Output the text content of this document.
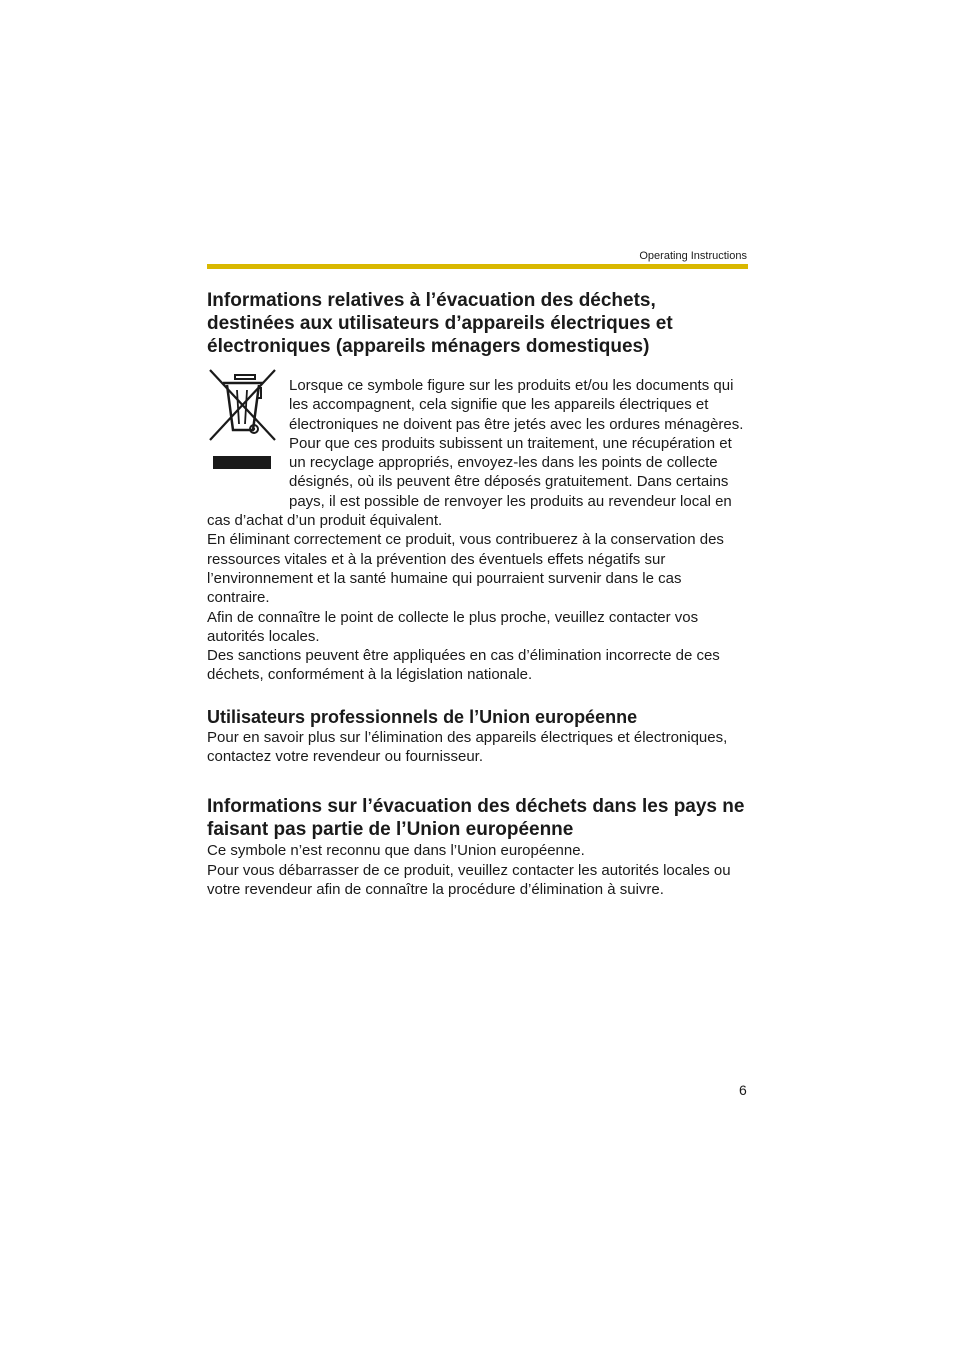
Operating Instructions
Informations relatives à l’évacuation des déchets, destinées aux utilisateurs d’appareils électriques et électroniques (appareils ménagers domestiques)

Lorsque ce symbole figure sur les produits et/ou les documents qui les accompagnent, cela signifie que les appareils électriques et électroniques ne doivent pas être jetés avec les ordures ménagères.

Pour que ces produits subissent un traitement, une récupération et un recyclage appropriés, envoyez-les dans les points de collecte désignés, où ils peuvent être déposés gratuitement. Dans certains pays, il est possible de renvoyer les produits au revendeur local en cas d’achat d’un produit équivalent.

En éliminant correctement ce produit, vous contribuerez à la conservation des ressources vitales et à la prévention des éventuels effets négatifs sur l’environnement et la santé humaine qui pourraient survenir dans le cas contraire.

Afin de connaître le point de collecte le plus proche, veuillez contacter vos autorités locales.

Des sanctions peuvent être appliquées en cas d’élimination incorrecte de ces déchets, conformément à la législation nationale.

Utilisateurs professionnels de l’Union européenne

Pour en savoir plus sur l’élimination des appareils électriques et électroniques, contactez votre revendeur ou fournisseur.

Informations sur l’évacuation des déchets dans les pays ne faisant pas partie de l’Union européenne

Ce symbole n’est reconnu que dans l’Union européenne.

Pour vous débarrasser de ce produit, veuillez contacter les autorités locales ou votre revendeur afin de connaître la procédure d’élimination à suivre.

6
